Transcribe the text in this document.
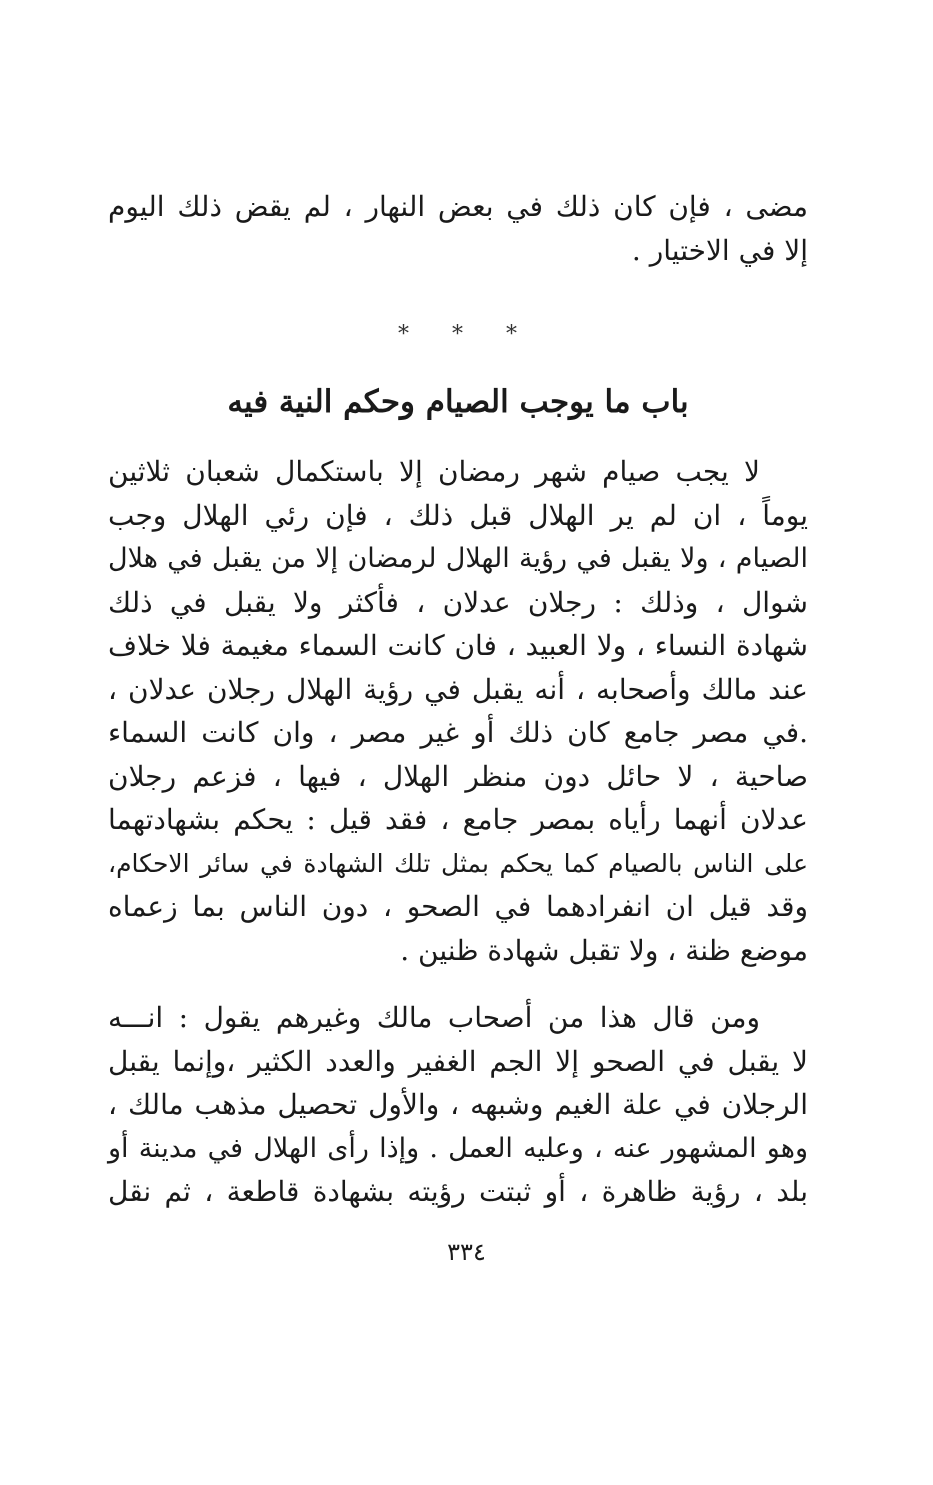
مضى ، فإن كان ذلك في بعض النهار ، لم يقض ذلك اليوم
إلا في الاختيار .
* * *
باب ما يوجب الصيام وحكم النية فيه
لا يجب صيام شهر رمضان إلا باستكمال شعبان ثلاثين
يوماً ، ان لم ير الهلال قبل ذلك ، فإن رئي الهلال وجب
الصيام ، ولا يقبل في رؤية الهلال لرمضان إلا من يقبل في هلال
شوال ، وذلك : رجلان عدلان ، فأكثر ولا يقبل في ذلك
شهادة النساء ، ولا العبيد ، فان كانت السماء مغيمة فلا خلاف
عند مالك وأصحابه ، أنه يقبل في رؤية الهلال رجلان عدلان ،
.في مصر جامع كان ذلك أو غير مصر ، وان كانت السماء
صاحية ، لا حائل دون منظر الهلال ، فيها ، فزعم رجلان
عدلان أنهما رأياه بمصر جامع ، فقد قيل : يحكم بشهادتهما
على الناس بالصيام كما يحكم بمثل تلك الشهادة في سائر الاحكام،
وقد قيل ان انفرادهما في الصحو ، دون الناس بما زعماه
موضع ظنة ، ولا تقبل شهادة ظنين .
ومن قال هذا من أصحاب مالك وغيرهم يقول : انـــه
لا يقبل في الصحو إلا الجم الغفير والعدد الكثير ،وإنما يقبل
الرجلان في علة الغيم وشبهه ، والأول تحصيل مذهب مالك ،
وهو المشهور عنه ، وعليه العمل . وإذا رأى الهلال في مدينة أو
بلد ، رؤية ظاهرة ، أو ثبتت رؤيته بشهادة قاطعة ، ثم نقل
٣٣٤
